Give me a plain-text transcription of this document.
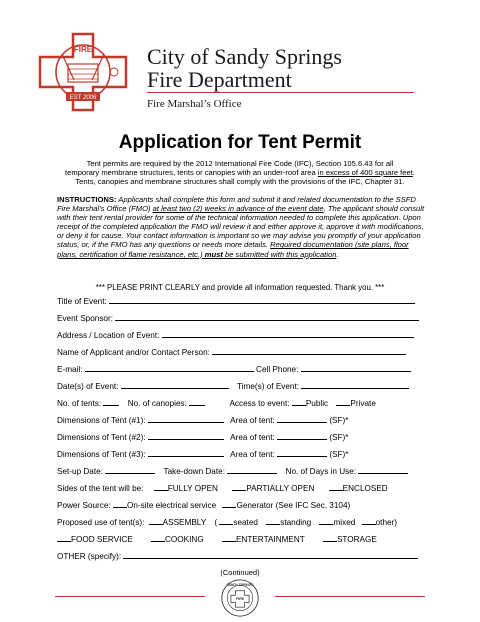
FIRE
EST 2006
City of Sandy Springs
Fire Department
Fire Marshal’s Office
Application for Tent Permit
Tent permits are required by the 2012 International Fire Code (IFC), Section 105.6.43 for all
temporary membrane structures, tents or canopies with an under-roof area in excess of 400 square feet.
Tents, canopies and membrane structures shall comply with the provisions of the IFC, Chapter 31.
INSTRUCTIONS: Applicants shall complete this form and submit it and related documentation to the SSFD Fire Marshal’s Office (FMO) at least two (2) weeks in advance of the event date. The applicant should consult with their tent rental provider for some of the technical information needed to complete this application. Upon receipt of the completed application the FMO will review it and either approve it, approve it with modifications, or deny it for cause. Your contact information is important so we may advise you promptly of your application status, or, if the FMO has any questions or needs more details. Required documentation (site plans, floor plans, certification of flame resistance, etc.) must be submitted with this application.
*** PLEASE PRINT CLEARLY and provide all information requested. Thank you. ***
Title of Event:
Event Sponsor:
Address / Location of Event:
Name of Applicant and/or Contact Person:
E-mail:	Cell Phone:
Date(s) of Event:	Time(s) of Event:
No. of tents:	No. of canopies:	Access to event: Public	Private
Dimensions of Tent (#1):	Area of tent:	(SF)*
Dimensions of Tent (#2):	Area of tent:	(SF)*
Dimensions of Tent (#3):	Area of tent:	(SF)*
Set-up Date:	Take-down Date:	No. of Days in Use:
Sides of the tent will be:	FULLY OPEN	PARTIALLY OPEN	ENCLOSED
Power Source: On-site electrical service Generator (See IFC Sec. 3104)
Proposed use of tent(s): ASSEMBLY ( seated	standing	mixed other)
FOOD SERVICE	COOKING	ENTERTAINMENT	STORAGE
OTHER (specify):
(Continued)
SANDY SPRINGS
FIRE
